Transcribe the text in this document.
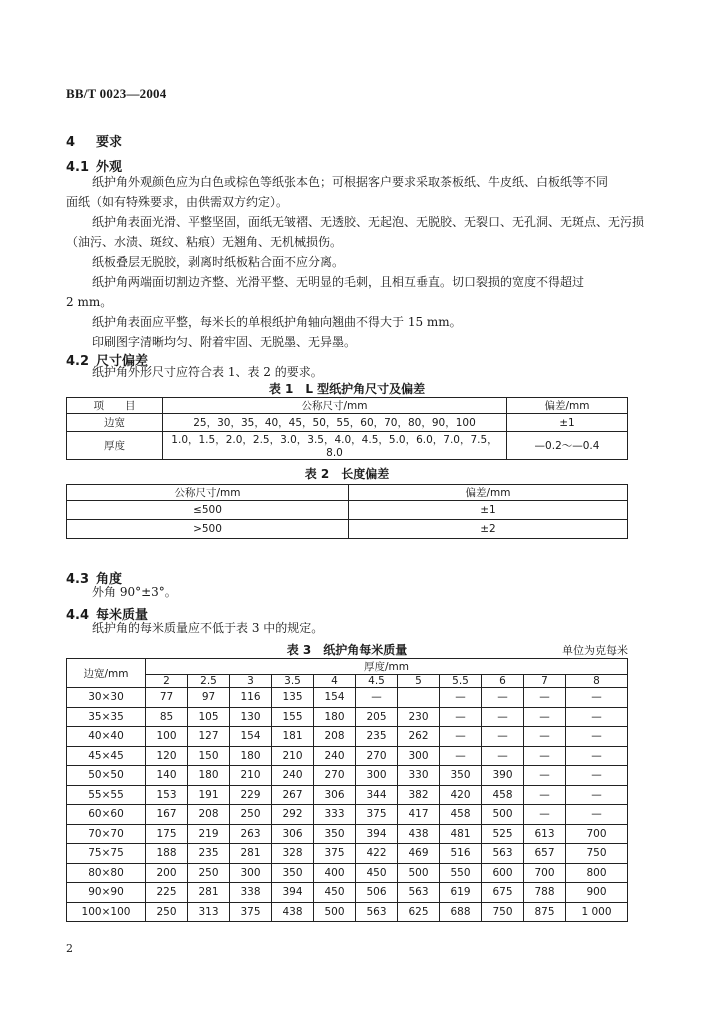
BB/T 0023—2004
4 要求
4.1 外观
纸护角外观颜色应为白色或棕色等纸张本色；可根据客户要求采取茶板纸、牛皮纸、白板纸等不同
面纸（如有特殊要求，由供需双方约定）。
纸护角表面光滑、平整坚固，面纸无皱褶、无透胶、无起泡、无脱胶、无裂口、无孔洞、无斑点、无污损
（油污、水渍、斑纹、粘痕）无翘角、无机械损伤。
纸板叠层无脱胶，剥离时纸板粘合面不应分离。
纸护角两端面切割边齐整、光滑平整、无明显的毛刺，且相互垂直。切口裂损的宽度不得超过
2 mm。
纸护角表面应平整，每米长的单根纸护角轴向翘曲不得大于 15 mm。
印刷图字清晰均匀、附着牢固、无脱墨、无异墨。
4.2 尺寸偏差
纸护角外形尺寸应符合表 1、表 2 的要求。
表 1　L 型纸护角尺寸及偏差
项　　目	公称尺寸/mm	偏差/mm
边宽	25，30，35，40，45，50，55，60，70，80，90，100	±1
厚度	1.0，1.5，2.0，2.5，3.0，3.5，4.0，4.5，5.0，6.0，7.0，7.5，8.0	—0.2～—0.4
表 2　长度偏差
公称尺寸/mm	偏差/mm
≤500	±1
>500	±2
4.3 角度
外角 90°±3°。
4.4 每米质量
纸护角的每米质量应不低于表 3 中的规定。
表 3　纸护角每米质量	单位为克每米
边宽/mm	厚度/mm										
	2	2.5	3	3.5	4	4.5	5	5.5	6	7	8
30×30	77	97	116	135	154	—		—	—	—	—
35×35	85	105	130	155	180	205	230	—	—	—	—
40×40	100	127	154	181	208	235	262	—	—	—	—
45×45	120	150	180	210	240	270	300	—	—	—	—
50×50	140	180	210	240	270	300	330	350	390	—	—
55×55	153	191	229	267	306	344	382	420	458	—	—
60×60	167	208	250	292	333	375	417	458	500	—	—
70×70	175	219	263	306	350	394	438	481	525	613	700
75×75	188	235	281	328	375	422	469	516	563	657	750
80×80	200	250	300	350	400	450	500	550	600	700	800
90×90	225	281	338	394	450	506	563	619	675	788	900
100×100	250	313	375	438	500	563	625	688	750	875	1 000
2
